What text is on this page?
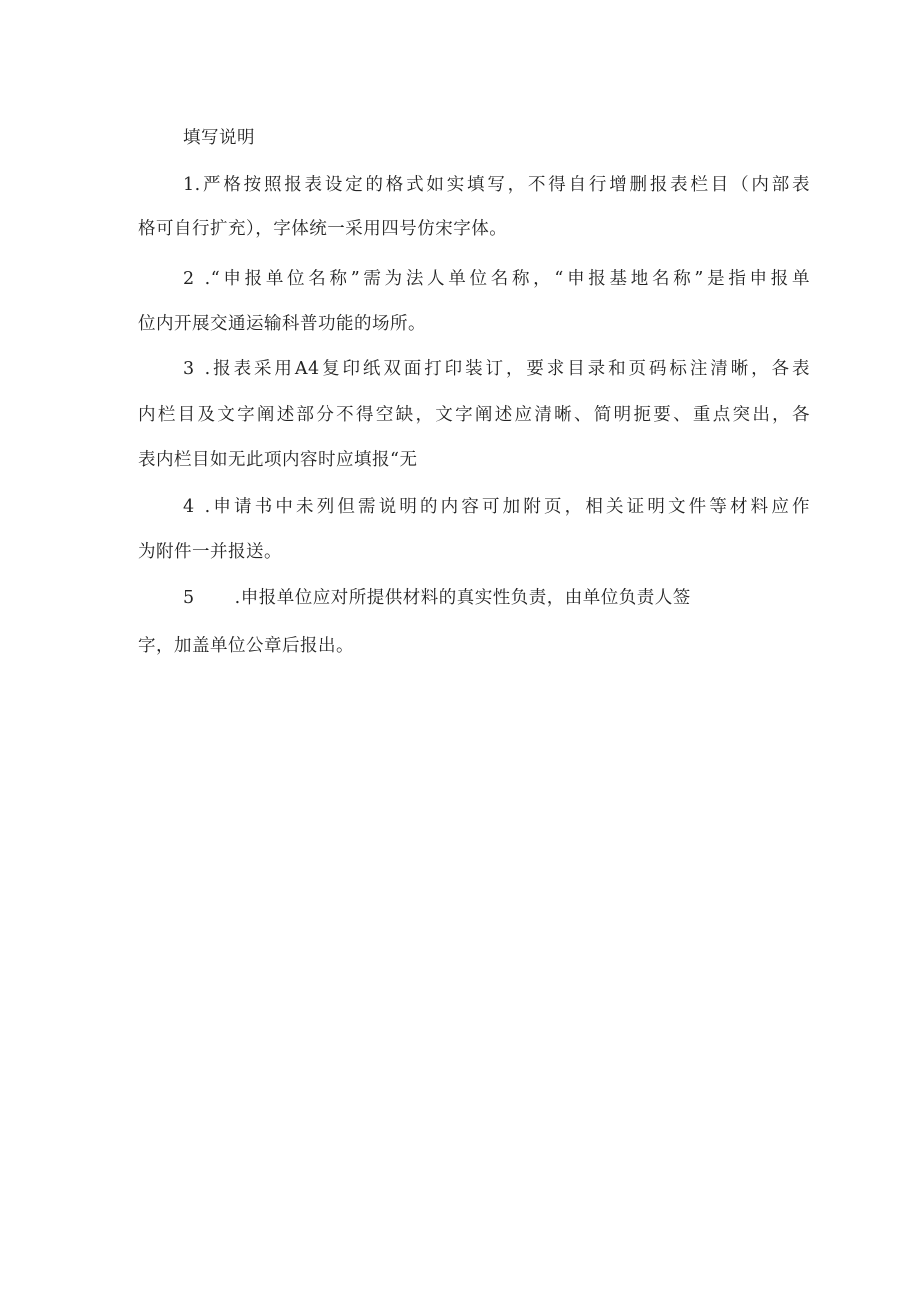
填写说明
1.严格按照报表设定的格式如实填写，不得自行增删报表栏目（内部表
格可自行扩充），字体统一采用四号仿宋字体。
2 .“申报单位名称”需为法人单位名称，“申报基地名称”是指申报单
位内开展交通运输科普功能的场所。
3 .报表采用A4复印纸双面打印装订，要求目录和页码标注清晰，各表
内栏目及文字阐述部分不得空缺，文字阐述应清晰、简明扼要、重点突出，各
表内栏目如无此项内容时应填报“无
4 .申请书中未列但需说明的内容可加附页，相关证明文件等材料应作
为附件一并报送。
5 .申报单位应对所提供材料的真实性负责，由单位负责人签
字，加盖单位公章后报出。
